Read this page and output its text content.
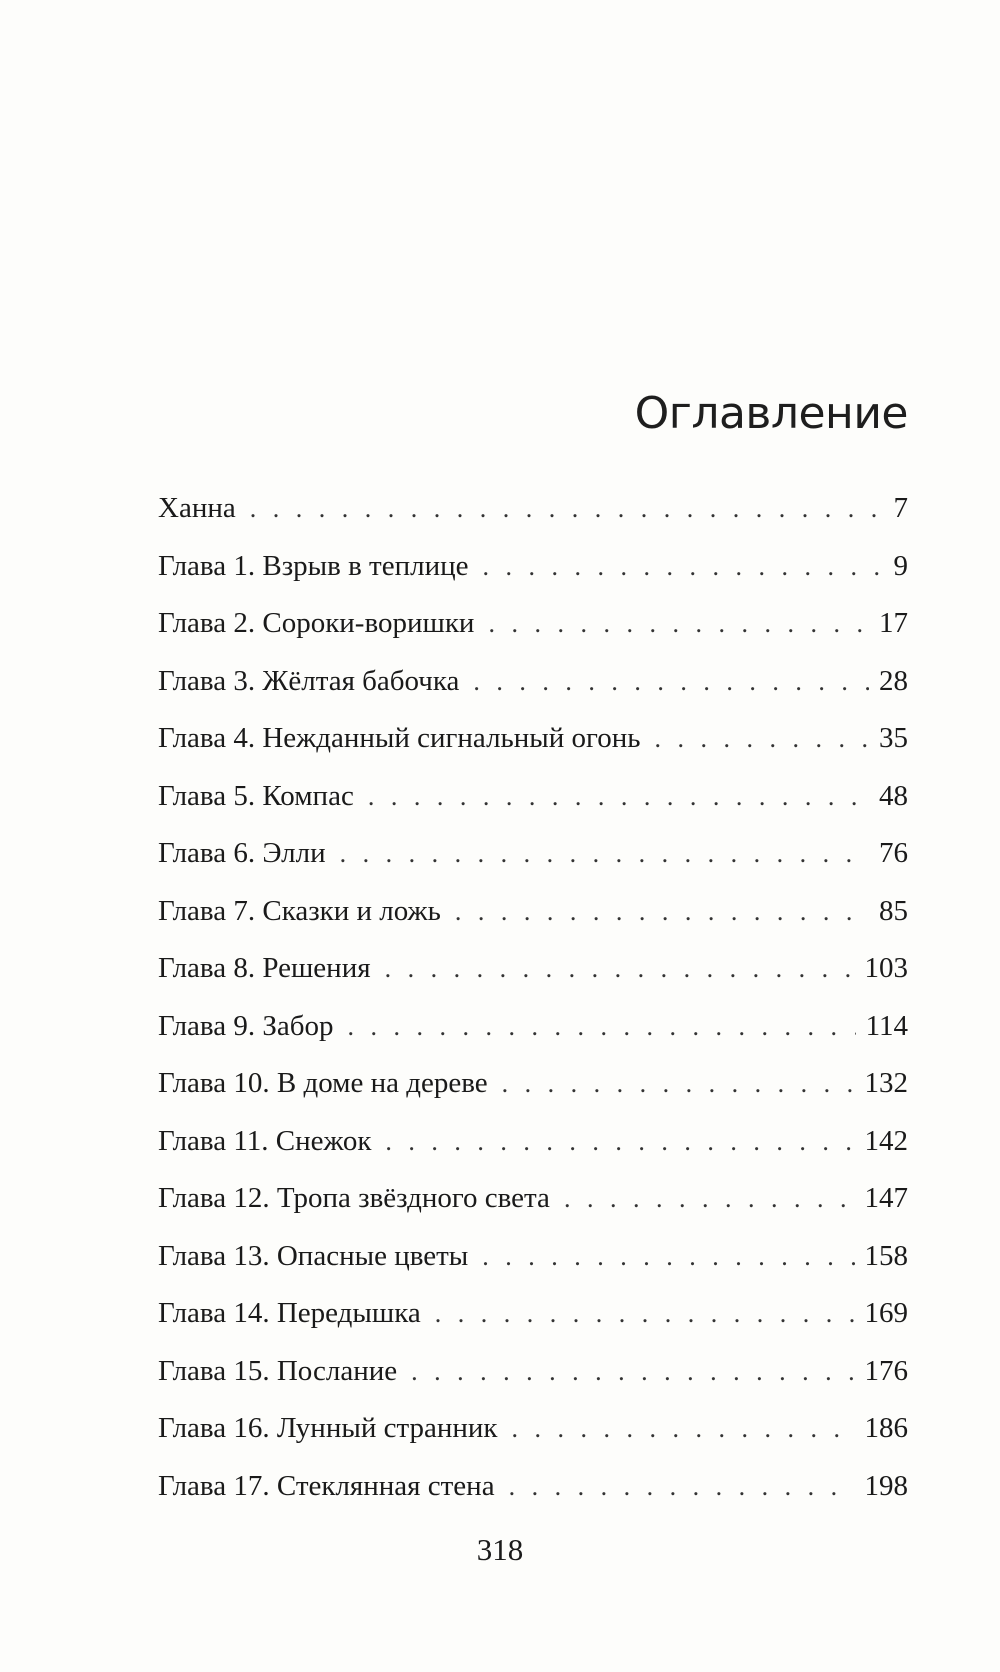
Оглавление
Ханна . . .	7
Глава 1. Взрыв в теплице . . .	9
Глава 2. Сороки-воришки . . .	17
Глава 3. Жёлтая бабочка . . .	28
Глава 4. Нежданный сигнальный огонь . . .	35
Глава 5. Компас . . .	48
Глава 6. Элли . . .	76
Глава 7. Сказки и ложь . . .	85
Глава 8. Решения . . .	103
Глава 9. Забор . . .	114
Глава 10. В доме на дереве . . .	132
Глава 11. Снежок . . .	142
Глава 12. Тропа звёздного света . . .	147
Глава 13. Опасные цветы . . .	158
Глава 14. Передышка . . .	169
Глава 15. Послание . . .	176
Глава 16. Лунный странник . . .	186
Глава 17. Стеклянная стена . . .	198

318
